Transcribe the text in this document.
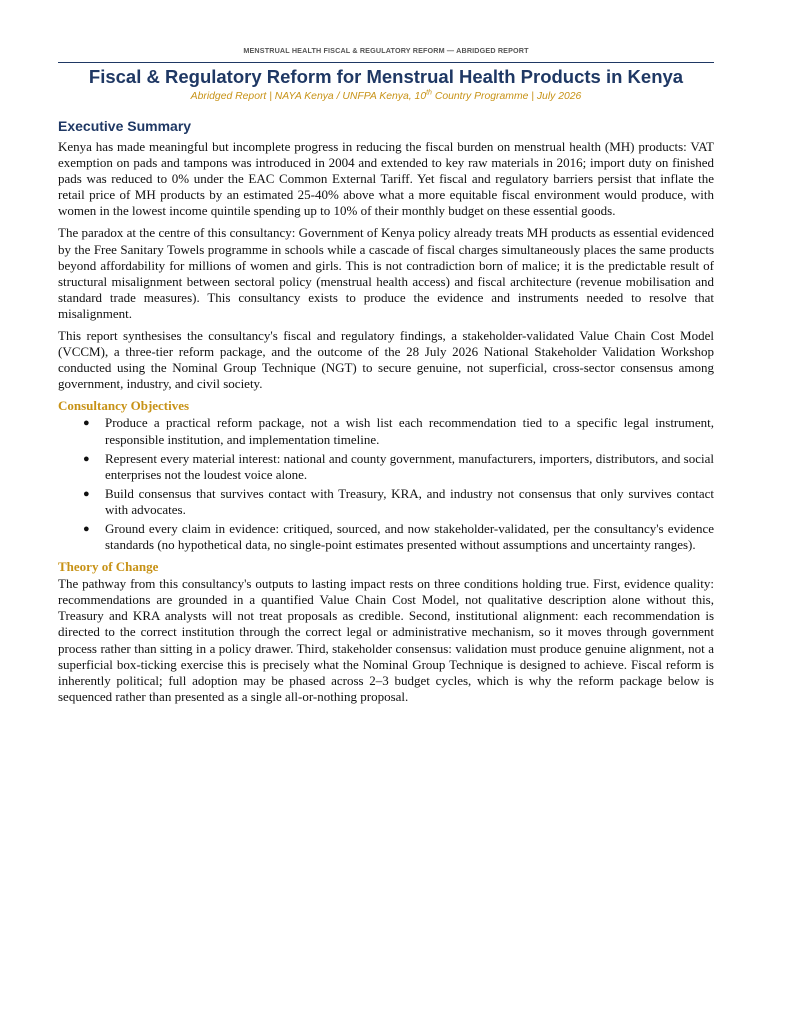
MENSTRUAL HEALTH FISCAL & REGULATORY REFORM — ABRIDGED REPORT
Fiscal & Regulatory Reform for Menstrual Health Products in Kenya
Abridged Report | NAYA Kenya / UNFPA Kenya, 10th Country Programme | July 2026
Executive Summary

Kenya has made meaningful but incomplete progress in reducing the fiscal burden on menstrual health (MH) products: VAT exemption on pads and tampons was introduced in 2004 and extended to key raw materials in 2016; import duty on finished pads was reduced to 0% under the EAC Common External Tariff. Yet fiscal and regulatory barriers persist that inflate the retail price of MH products by an estimated 25-40% above what a more equitable fiscal environment would produce, with women in the lowest income quintile spending up to 10% of their monthly budget on these essential goods.

The paradox at the centre of this consultancy: Government of Kenya policy already treats MH products as essential evidenced by the Free Sanitary Towels programme in schools while a cascade of fiscal charges simultaneously places the same products beyond affordability for millions of women and girls. This is not contradiction born of malice; it is the predictable result of structural misalignment between sectoral policy (menstrual health access) and fiscal architecture (revenue mobilisation and standard trade measures). This consultancy exists to produce the evidence and instruments needed to resolve that misalignment.

This report synthesises the consultancy's fiscal and regulatory findings, a stakeholder-validated Value Chain Cost Model (VCCM), a three-tier reform package, and the outcome of the 28 July 2026 National Stakeholder Validation Workshop conducted using the Nominal Group Technique (NGT) to secure genuine, not superficial, cross-sector consensus among government, industry, and civil society.

Consultancy Objectives
● Produce a practical reform package, not a wish list each recommendation tied to a specific legal instrument, responsible institution, and implementation timeline.
● Represent every material interest: national and county government, manufacturers, importers, distributors, and social enterprises not the loudest voice alone.
● Build consensus that survives contact with Treasury, KRA, and industry not consensus that only survives contact with advocates.
● Ground every claim in evidence: critiqued, sourced, and now stakeholder-validated, per the consultancy's evidence standards (no hypothetical data, no single-point estimates presented without assumptions and uncertainty ranges).
Theory of Change

The pathway from this consultancy's outputs to lasting impact rests on three conditions holding true. First, evidence quality: recommendations are grounded in a quantified Value Chain Cost Model, not qualitative description alone without this, Treasury and KRA analysts will not treat proposals as credible. Second, institutional alignment: each recommendation is directed to the correct institution through the correct legal or administrative mechanism, so it moves through government process rather than sitting in a policy drawer. Third, stakeholder consensus: validation must produce genuine alignment, not a superficial box-ticking exercise this is precisely what the Nominal Group Technique is designed to achieve. Fiscal reform is inherently political; full adoption may be phased across 2–3 budget cycles, which is why the reform package below is sequenced rather than presented as a single all-or-nothing proposal.
